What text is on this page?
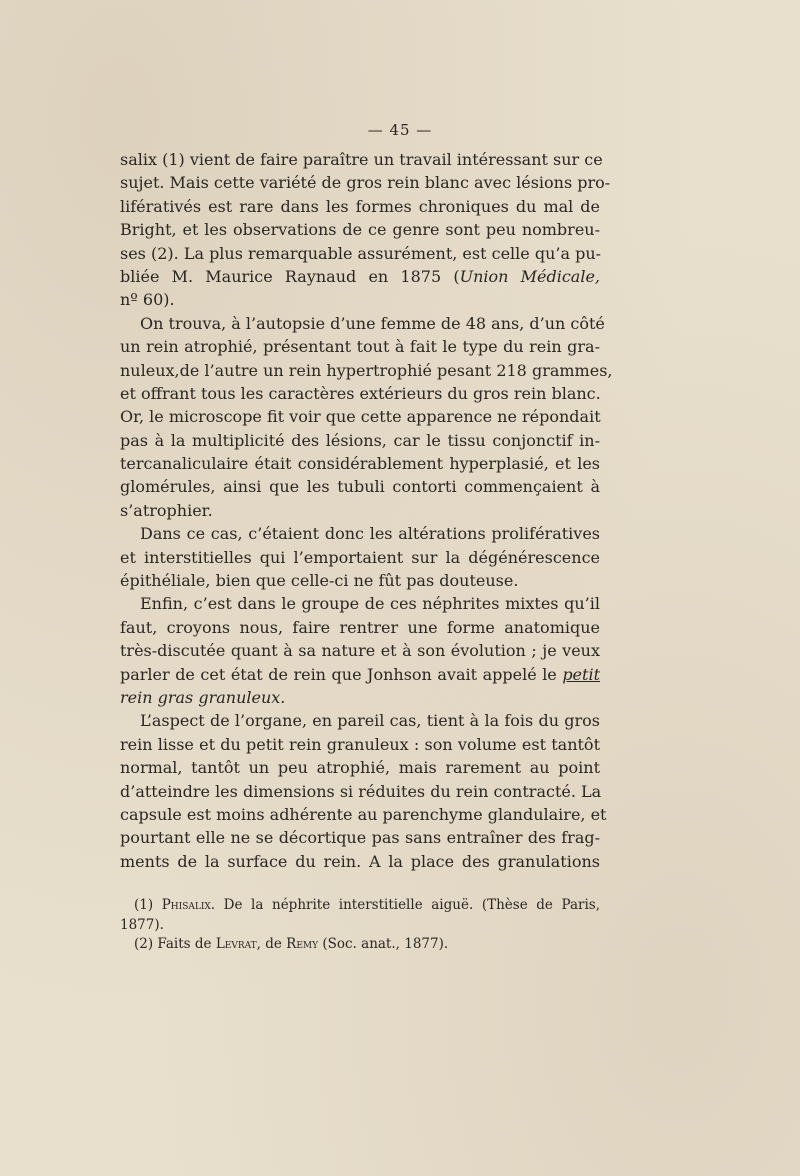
— 45 —
salix (1) vient de faire paraître un travail intéressant sur ce
sujet. Mais cette variété de gros rein blanc avec lésions pro-
liférativés est rare dans les formes chroniques du mal de
Bright, et les observations de ce genre sont peu nombreu-
ses (2). La plus remarquable assurément, est celle qu’a pu-
bliée M. Maurice Raynaud en 1875 (Union Médicale,
nº 60).
On trouva, à l’autopsie d’une femme de 48 ans, d’un côté
un rein atrophié, présentant tout à fait le type du rein gra-
nuleux,de l’autre un rein hypertrophié pesant 218 grammes,
et offrant tous les caractères extérieurs du gros rein blanc.
Or, le microscope fit voir que cette apparence ne répondait
pas à la multiplicité des lésions, car le tissu conjonctif in-
tercanaliculaire était considérablement hyperplasié, et les
glomérules, ainsi que les tubuli contorti commençaient à
s’atrophier.
Dans ce cas, c’étaient donc les altérations prolifératives
et interstitielles qui l’emportaient sur la dégénérescence
épithéliale, bien que celle-ci ne fût pas douteuse.
Enfin, c’est dans le groupe de ces néphrites mixtes qu’il
faut, croyons nous, faire rentrer une forme anatomique
très-discutée quant à sa nature et à son évolution ; je veux
parler de cet état de rein que Jonhson avait appelé le petit
rein gras granuleux.
L’aspect de l’organe, en pareil cas, tient à la fois du gros
rein lisse et du petit rein granuleux : son volume est tantôt
normal, tantôt un peu atrophié, mais rarement au point
d’atteindre les dimensions si réduites du rein contracté. La
capsule est moins adhérente au parenchyme glandulaire, et
pourtant elle ne se décortique pas sans entraîner des frag-
ments de la surface du rein. A la place des granulations
(1) Phisalix. De la néphrite interstitielle aiguë. (Thèse de Paris,
1877).
(2) Faits de Levrat, de Remy (Soc. anat., 1877).
